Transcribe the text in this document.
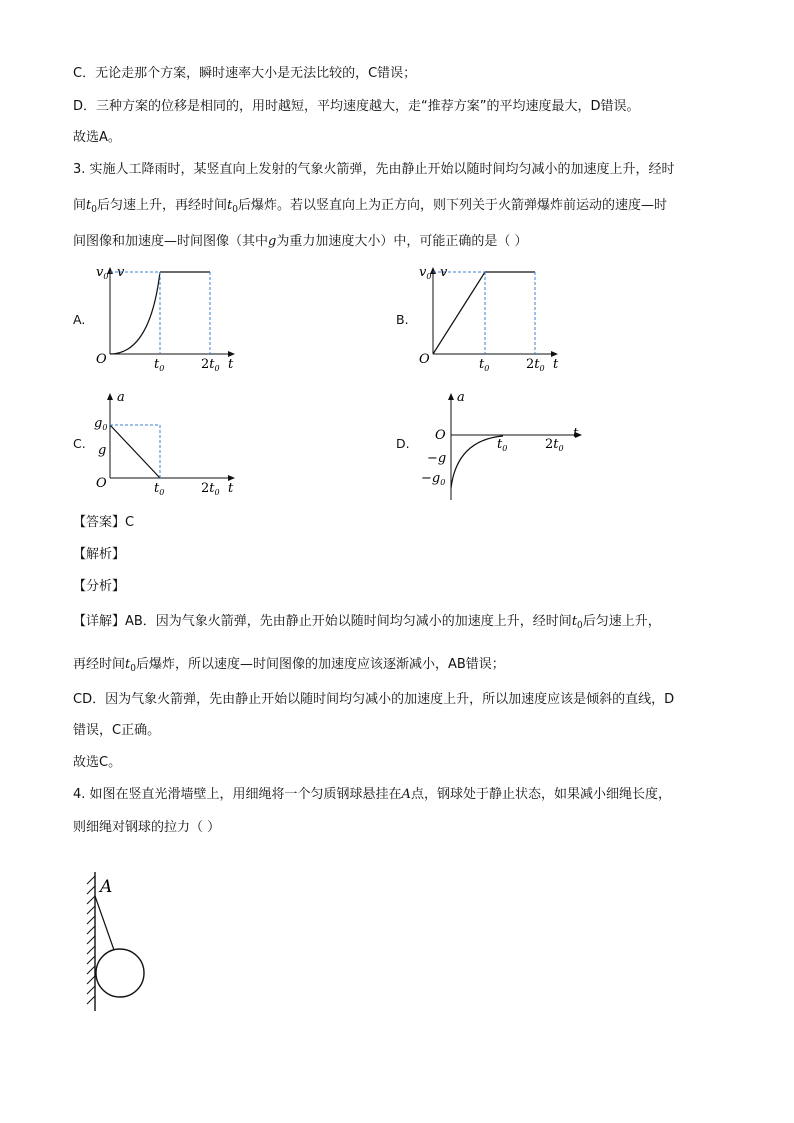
C．无论走那个方案，瞬时速率大小是无法比较的，C错误；
D．三种方案的位移是相同的，用时越短，平均速度越大，走“推荐方案”的平均速度最大，D错误。
故选A。
3. 实施人工降雨时，某竖直向上发射的气象火箭弹，先由静止开始以随时间均匀减小的加速度上升，经时
间$t_0$后匀速上升，再经时间$t_0$后爆炸。若以竖直向上为正方向，则下列关于火箭弹爆炸前运动的速度—时
间图像和加速度—时间图像（其中g为重力加速度大小）中，可能正确的是（ ）
A.	B.
C.	D.
v
$v_0$
O	$t_0$	$2t_0$ t
v
$v_0$
O	$t_0$	$2t_0$ t
a
$g_0$
g
O	$t_0$	$2t_0$ t
a
O
−g
$-g_0$
$t_0$	$2t_0$
t
【答案】C
【解析】
【分析】
【详解】AB．因为气象火箭弹，先由静止开始以随时间均匀减小的加速度上升，经时间$t_0$后匀速上升，
再经时间$t_0$后爆炸，所以速度—时间图像的加速度应该逐渐减小，AB错误；
CD．因为气象火箭弹，先由静止开始以随时间均匀减小的加速度上升，所以加速度应该是倾斜的直线，D
错误，C正确。
故选C。
4. 如图在竖直光滑墙壁上，用细绳将一个匀质钢球悬挂在A点，钢球处于静止状态，如果减小细绳长度，
则细绳对钢球的拉力（ ）
A
